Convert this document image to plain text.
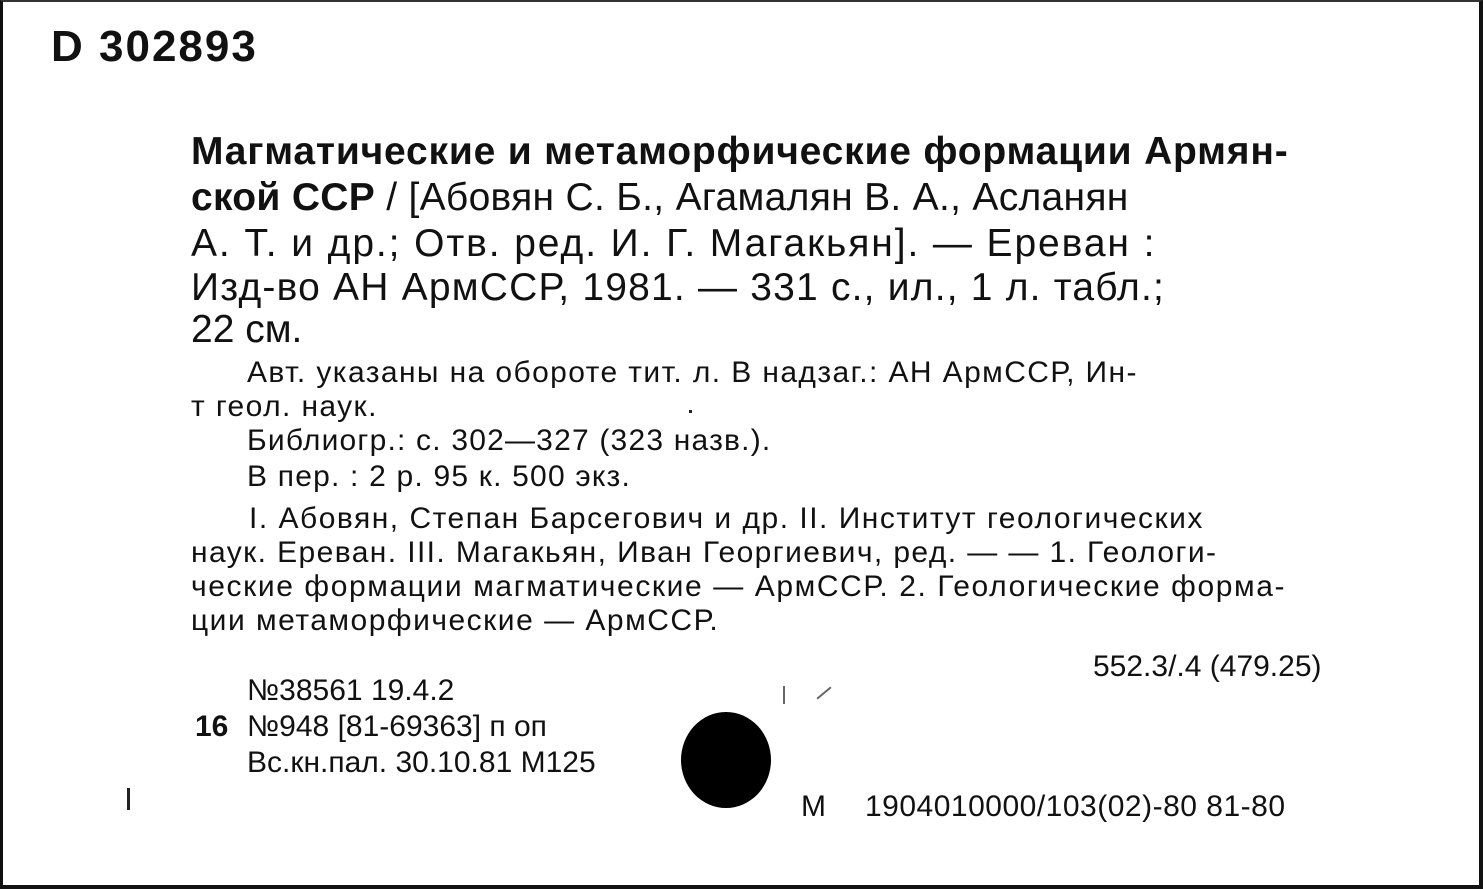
D 302893
Магматические и метаморфические формации Армян-
ской ССР / [Абовян С. Б., Агамалян В. А., Асланян
А. Т. и др.; Отв. ред. И. Г. Магакьян]. — Ереван :
Изд-во АН АрмССР, 1981. — 331 с., ил., 1 л. табл.;
22 см.
Авт. указаны на обороте тит. л. В надзаг.: АН АрмССР, Ин-
т геол. наук.
Библиогр.: с. 302—327 (323 назв.).
В пер. : 2 р. 95 к. 500 экз.
I. Абовян, Степан Барсегович и др. II. Институт геологических
наук. Ереван. III. Магакьян, Иван Георгиевич, ред. — — 1. Геологи-
ческие формации магматические — АрмССР. 2. Геологические форма-
ции метаморфические — АрмССР.
552.3/.4 (479.25)
№38561 19.4.2
16 №948 [81-69363] п оп
Вс.кн.пал. 30.10.81 М125
М 1904010000/103(02)-80 81-80
